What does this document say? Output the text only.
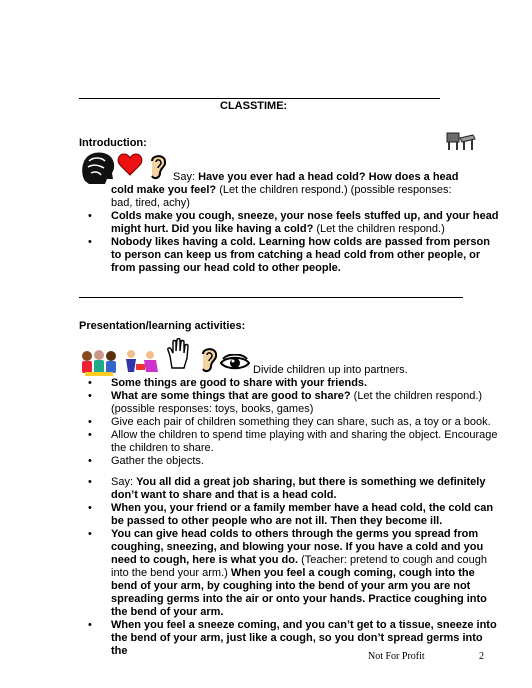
CLASSTIME:
Introduction:
Say: Have you ever had a head cold? How does a head cold make you feel? (Let the children respond.) (possible responses: bad, tired, achy)
• Colds make you cough, sneeze, your nose feels stuffed up, and your head might hurt. Did you like having a cold? (Let the children respond.)
• Nobody likes having a cold. Learning how colds are passed from person to person can keep us from catching a head cold from other people, or from passing our head cold to other people.
Presentation/learning activities:
Divide children up into partners.
• Some things are good to share with your friends.
• What are some things that are good to share? (Let the children respond.) (possible responses: toys, books, games)
• Give each pair of children something they can share, such as, a toy or a book.
• Allow the children to spend time playing with and sharing the object. Encourage the children to share.
• Gather the objects.
• Say: You all did a great job sharing, but there is something we definitely don’t want to share and that is a head cold.
• When you, your friend or a family member have a head cold, the cold can be passed to other people who are not ill. Then they become ill.
• You can give head colds to others through the germs you spread from coughing, sneezing, and blowing your nose. If you have a cold and you need to cough, here is what you do. (Teacher: pretend to cough and cough into the bend your arm.) When you feel a cough coming, cough into the bend of your arm, by coughing into the bend of your arm you are not spreading germs into the air or onto your hands. Practice coughing into the bend of your arm.
• When you feel a sneeze coming, and you can’t get to a tissue, sneeze into the bend of your arm, just like a cough, so you don’t spread germs into the	Not For Profit	2
